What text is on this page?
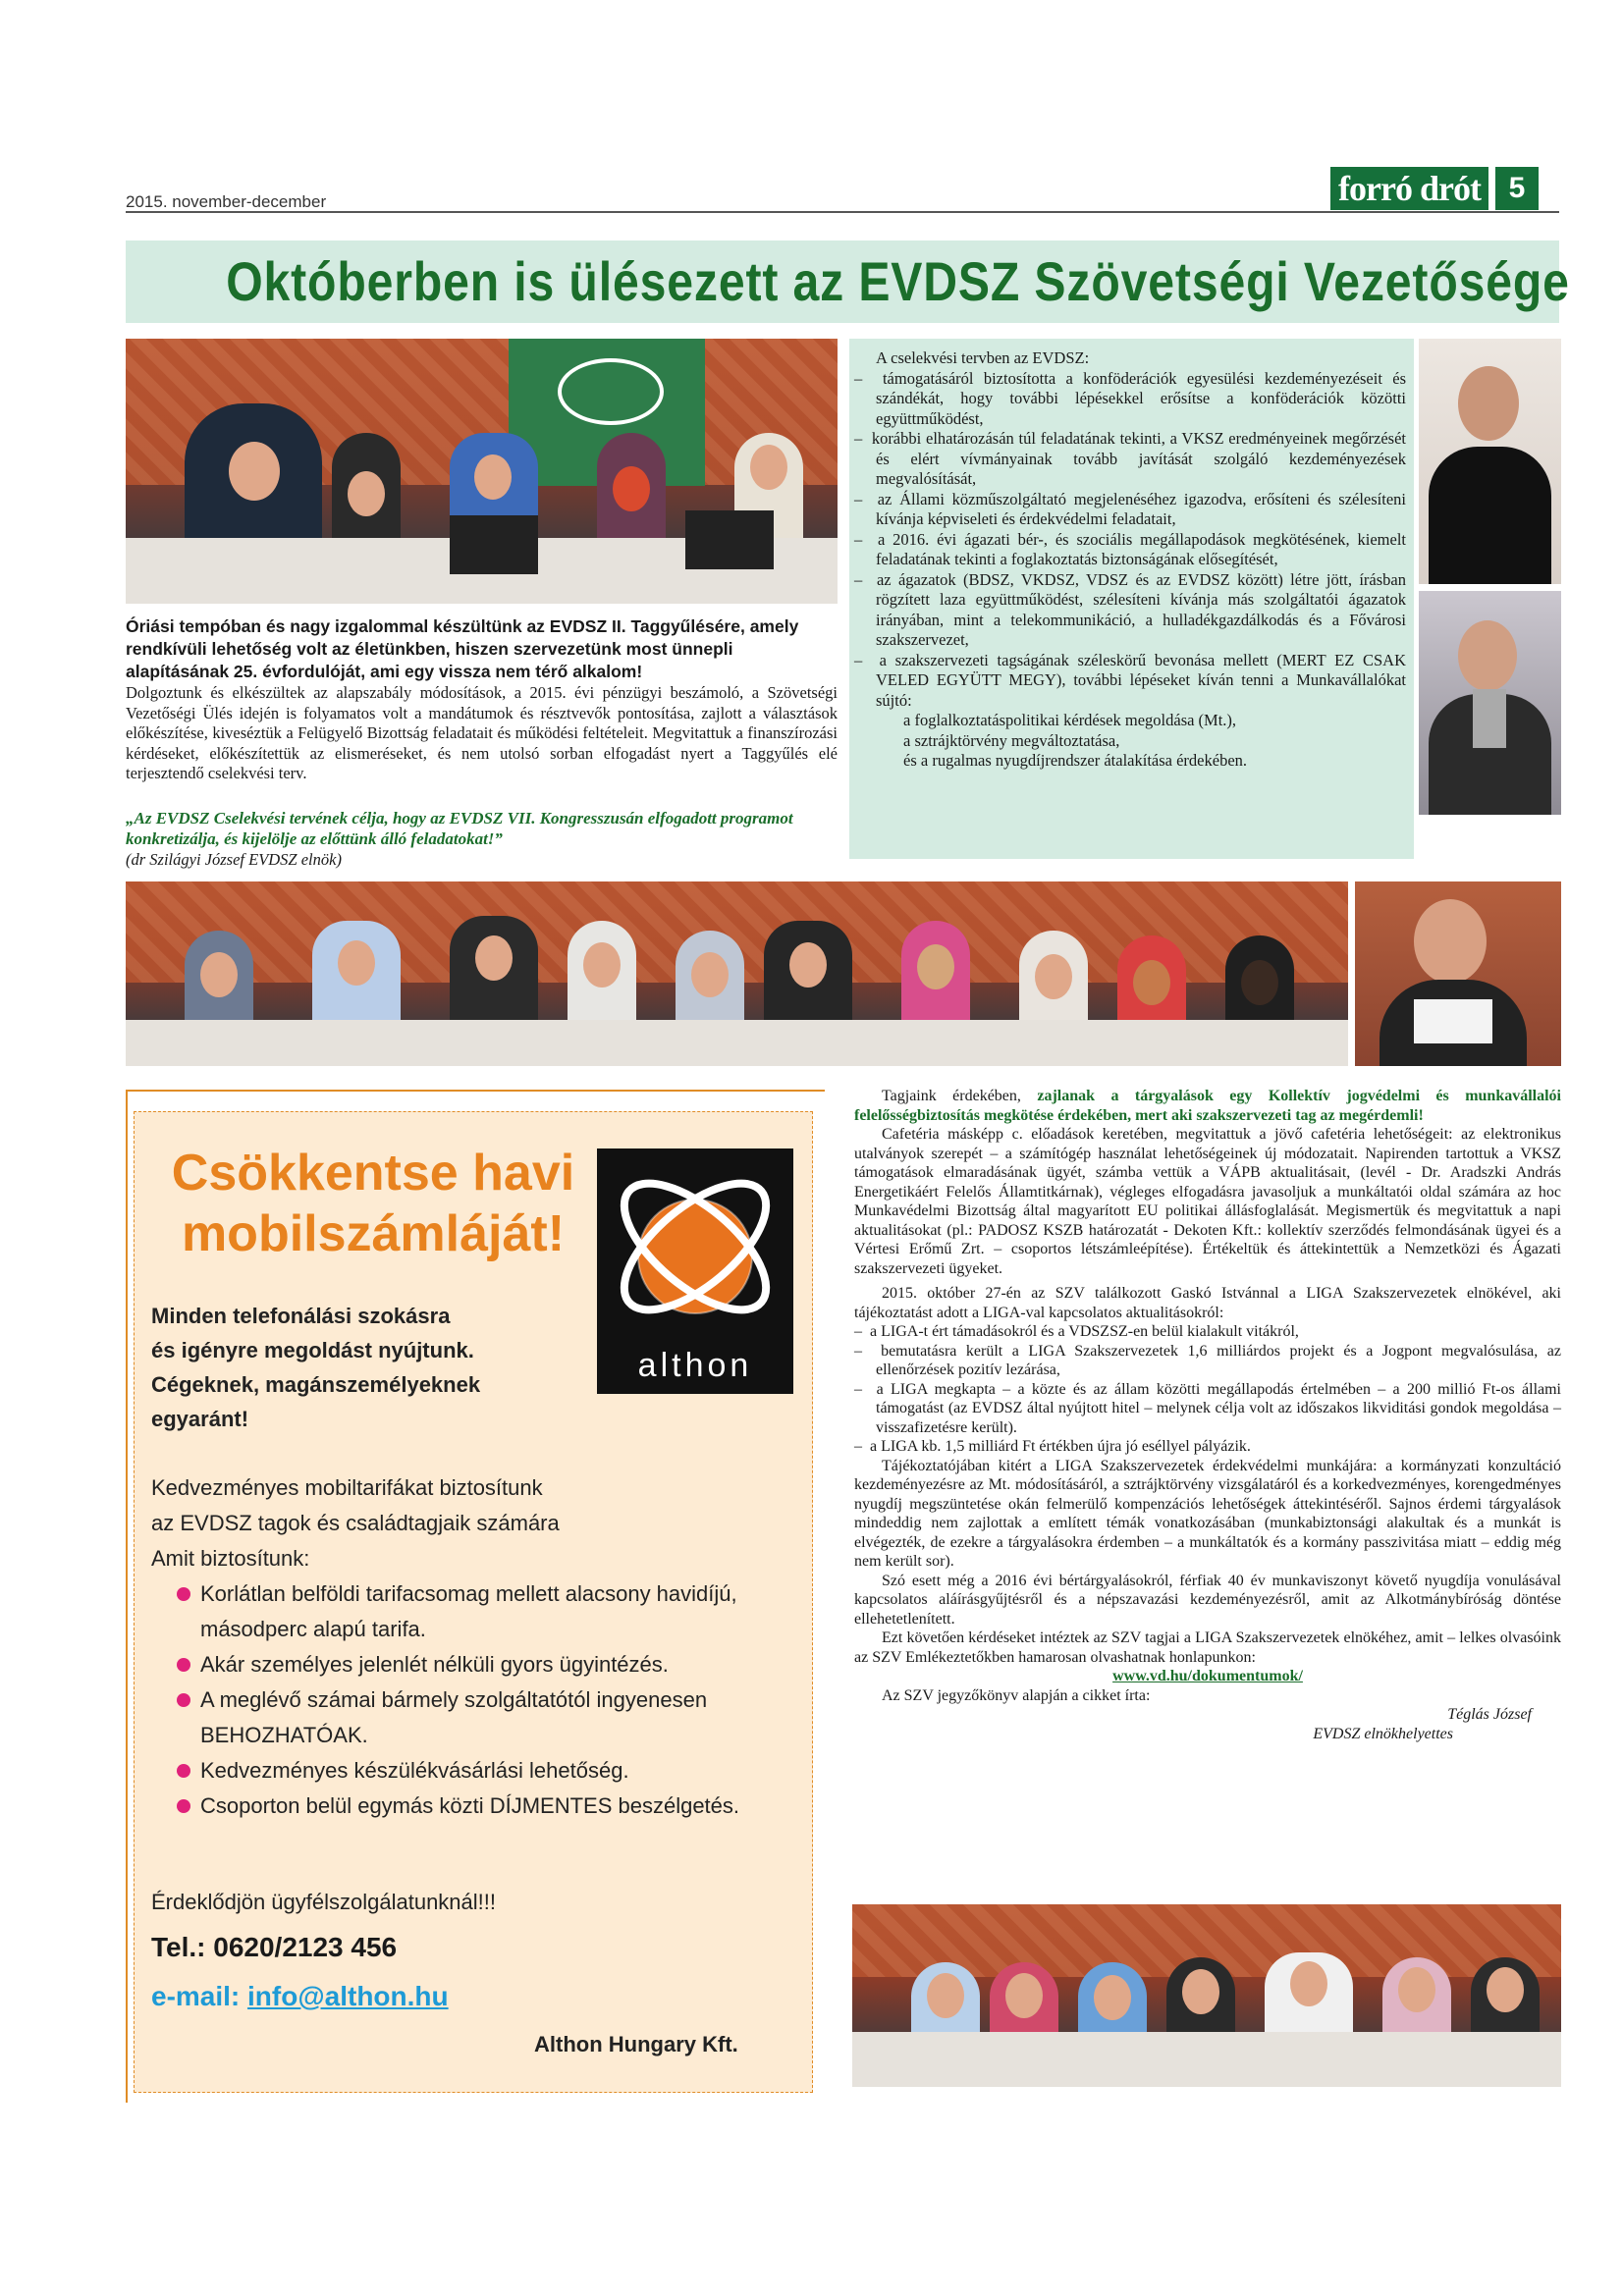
2015. november-december	forró drót 5
Októberben is ülésezett az EVDSZ Szövetségi Vezetősége
Óriási tempóban és nagy izgalommal készültünk az EVDSZ II. Taggyűlésére, amely rendkívüli lehetőség volt az életünkben, hiszen szervezetünk most ünnepli alapításának 25. évfordulóját, ami egy vissza nem térő alkalom!
Dolgoztunk és elkészültek az alapszabály módosítások, a 2015. évi pénzügyi beszámoló, a Szövetségi Vezetőségi Ülés idején is folyamatos volt a mandátumok és résztvevők pontosítása, zajlott a választások előkészítése, kiveséztük a Felügyelő Bizottság feladatait és működési feltételeit. Megvitattuk a finanszírozási kérdéseket, előkészítettük az elismeréseket, és nem utolsó sorban elfogadást nyert a Taggyűlés elé terjesztendő cselekvési terv.
„Az EVDSZ Cselekvési tervének célja, hogy az EVDSZ VII. Kongresszusán elfogadott programot konkretizálja, és kijelölje az előttünk álló feladatokat!”
(dr Szilágyi József EVDSZ elnök)
A cselekvési tervben az EVDSZ:
–  támogatásáról biztosította a konföderációk egyesülési kezdeményezéseit és szándékát, hogy további lépésekkel erősítse a konföderációk közötti együttműködést,
–  korábbi elhatározásán túl feladatának tekinti, a VKSZ eredményeinek megőrzését és elért vívmányainak tovább javítását szolgáló kezdeményezések megvalósítását,
–  az Állami közműszolgáltató megjelenéséhez igazodva, erősíteni és szélesíteni kívánja képviseleti és érdekvédelmi feladatait,
–  a 2016. évi ágazati bér-, és szociális megállapodások megkötésének, kiemelt feladatának tekinti a foglakoztatás biztonságának elősegítését,
–  az ágazatok (BDSZ, VKDSZ, VDSZ és az EVDSZ között) létre jött, írásban rögzített laza együttműködést, szélesíteni kívánja más szolgáltatói ágazatok irányában, mint a telekommunikáció, a hulladékgazdálkodás és a Fővárosi szakszervezet,
–  a szakszervezeti tagságának széleskörű bevonása mellett (MERT EZ CSAK VELED EGYÜTT MEGY), további lépéseket kíván tenni a Munkavállalókat sújtó:
a foglalkoztatáspolitikai kérdések megoldása (Mt.),
a sztrájktörvény megváltoztatása,
és a rugalmas nyugdíjrendszer átalakítása érdekében.
Csökkentse havi
mobilszámláját!
althon
Minden telefonálási szokásra
és igényre megoldást nyújtunk.
Cégeknek, magánszemélyeknek
egyaránt!
Kedvezményes mobiltarifákat biztosítunk
az EVDSZ tagok és családtagjaik számára
Amit biztosítunk:
Korlátlan belföldi tarifacsomag mellett alacsony havidíjú, másodperc alapú tarifa.
Akár személyes jelenlét nélküli gyors ügyintézés.
A meglévő számai bármely szolgáltatótól ingyenesen BEHOZHATÓAK.
Kedvezményes készülékvásárlási lehetőség.
Csoporton belül egymás közti DÍJMENTES beszélgetés.
Érdeklődjön ügyfélszolgálatunknál!!!
Tel.: 0620/2123 456
e-mail: info@althon.hu
Althon Hungary Kft.
Tagjaink érdekében, zajlanak a tárgyalások egy Kollektív jogvédelmi és munkavállalói felelősségbiztosítás megkötése érdekében, mert aki szakszervezeti tag az megérdemli!
Cafetéria másképp c. előadások keretében, megvitattuk a jövő cafetéria lehetőségeit: az elektronikus utalványok szerepét – a számítógép használat lehetőségeinek új módozatait. Napirenden tartottuk a VKSZ támogatások elmaradásának ügyét, számba vettük a VÁPB aktualitásait, (levél - Dr. Aradszki András Energetikáért Felelős Államtitkárnak), végleges elfogadásra javasoljuk a munkáltatói oldal számára az hoc Munkavédelmi Bizottság által magyarított EU politikai állásfoglalását. Megismertük és megvitattuk a napi aktualitásokat (pl.: PADOSZ KSZB határozatát - Dekoten Kft.: kollektív szerződés felmondásának ügyei és a Vértesi Erőmű Zrt. – csoportos létszámleépítése). Értékeltük és áttekintettük a Nemzetközi és Ágazati szakszervezeti ügyeket.
2015. október 27-én az SZV találkozott Gaskó Istvánnal a LIGA Szakszervezetek elnökével, aki tájékoztatást adott a LIGA-val kapcsolatos aktualitásokról:
–  a LIGA-t ért támadásokról és a VDSZSZ-en belül kialakult vitákról,
–  bemutatásra került a LIGA Szakszervezetek 1,6 milliárdos projekt és a Jogpont megvalósulása, az ellenőrzések pozitív lezárása,
–  a LIGA megkapta – a közte és az állam közötti megállapodás értelmében – a 200 millió Ft-os állami támogatást (az EVDSZ által nyújtott hitel – melynek célja volt az időszakos likviditási gondok megoldása – visszafizetésre került).
–  a LIGA kb. 1,5 milliárd Ft értékben újra jó eséllyel pályázik.
Tájékoztatójában kitért a LIGA Szakszervezetek érdekvédelmi munkájára: a kormányzati konzultáció kezdeményezésre az Mt. módosításáról, a sztrájktörvény vizsgálatáról és a korkedvezményes, korengedményes nyugdíj megszüntetése okán felmerülő kompenzációs lehetőségek áttekintéséről. Sajnos érdemi tárgyalások mindeddig nem zajlottak a említett témák vonatkozásában (munkabiztonsági alakultak és a munkát is elvégezték, de ezekre a tárgyalásokra érdemben – a munkáltatók és a kormány passzivitása miatt – eddig még nem került sor).
Szó esett még a 2016 évi bértárgyalásokról, férfiak 40 év munkaviszonyt követő nyugdíja vonulásával kapcsolatos aláírásgyűjtésről és a népszavazási kezdeményezésről, amit az Alkotmánybíróság döntése ellehetetlenített.
Ezt követően kérdéseket intéztek az SZV tagjai a LIGA Szakszervezetek elnökéhez, amit – lelkes olvasóink az SZV Emlékeztetőkben hamarosan olvashatnak honlapunkon:
www.vd.hu/dokumentumok/
Az SZV jegyzőkönyv alapján a cikket írta:
Téglás József
EVDSZ elnökhelyettes
